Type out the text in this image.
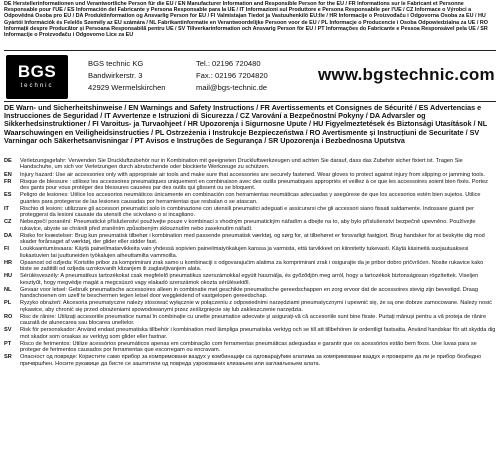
DE Herstellerinformationen und Verantwortliche Person für die EU / EN Manufacturer Information and Responsible Person for the EU / FR Informations sur le Fabricant et Personne Responsable pour l'UE / ES Información del Fabricante y Persona Responsable para la UE / IT Informazioni sul Produttore e Persona Responsabile per l'UE / CZ Informace o Výrobci a Odpovědná Osoba pro EU / DA Produktinformation og Ansvarlig Person for EU / FI Valmistajan Tiedot ja Vastuuhenkilö EU:lle / HR Informacije o Proizvođaču i Odgovorna Osoba za EU / HU Gyártói Információk és Felelős Személy az EU számára / NL Fabrikantinformatie en Verantwoordelijke Persoon voor de EU / PL Informacje o Producencie i Osoba Odpowiedzialna za UE / RO Informații despre Producător și Persoana Responsabilă pentru UE / SV Tillverkarinformation och Ansvarig Person för EU / PT Informações do Fabricante e Pessoa Responsável pela UE / SR Informacije o Proizvođaču i Odgovorno Lice za EU
BGS
technic
BGS technic KG
Bandwirkerstr. 3
42929 Wermelskirchen
Tel.: 02196 720480
Fax.: 02196 7204820
mail@bgs-technic.de
www.bgstechnic.com
DE Warn- und Sicherheitshinweise / EN Warnings and Safety Instructions / FR Avertissements et Consignes de Sécurité / ES Advertencias e Instrucciones de Seguridad / IT Avvertenze e Istruzioni di Sicurezza / CZ Varování a Bezpečnostní Pokyny / DA Advarsler og Sikkerhedsinstruktioner / FI Varoitus- ja Turvaohjeet / HR Upozorenja i Sigurnosne Upute / HU Figyelmeztetések és Biztonsági Utasítások / NL Waarschuwingen en Veiligheidsinstructies / PL Ostrzeżenia i Instrukcje Bezpieczeństwa / RO Avertismente și Instrucțiuni de Securitate / SV Varningar och Säkerhetsanvisningar / PT Avisos e Instruções de Segurança / SR Upozorenja i Bezbednosna Uputstva
DE	Verletzungsgefahr: Verwenden Sie Druckluftzubehör nur in Kombination mit geeigneten Druckluftwerkzeugen und achten Sie darauf, dass das Zubehör sicher fixiert ist. Tragen Sie Handschuhe, um sich vor Verletzungen durch abrutschende oder blockierte Werkzeuge zu schützen.
EN	Injury hazard: Use air accessories only with appropriate air tools and make sure that accessories are securely fastened. Wear gloves to protect against injury from slipping or jamming tools.
FR	Risque de blessure : utilisez les accessoires pneumatiques uniquement en combinaison avec des outils pneumatiques appropriés et veillez à ce que les accessoires soient bien fixés. Portez des gants pour vous protéger des blessures causées par des outils qui glissent ou se bloquent.
ES	Peligro de lesiones: Utilice los accesorios neumáticos únicamente en combinación con herramientas neumáticas adecuadas y asegúrese de que los accesorios estén bien sujetos. Utilice guantes para protegerse de las lesiones causadas por herramientas que resbalan o se atascan.
IT	Rischio di lesioni: utilizzare gli accessori pneumatici solo in combinazione con utensili pneumatici adeguati e assicurarsi che gli accessori siano fissati saldamente. Indossare guanti per proteggersi da lesioni causate da utensili che scivolano o si incagliano.
CZ	Nebezpečí poranění: Pneumatické příslušenství používejte pouze v kombinaci s vhodným pneumatickým nářadím a dbejte na to, aby bylo příslušenství bezpečně upevněno. Používejte rukavice, abyste se chránili před zraněním způsobeným sklouznutím nebo zaseknutím nářadí.
DA	Risiko for kvæstelser: Brug kun pneumatisk tilbehør i kombination med passende pneumatisk værktøj, og sørg for, at tilbehøret er forsvarligt fastgjort. Brug handsker for at beskytte dig mod skader forårsaget af værktøj, der glider eller sidder fast.
FI	Loukkaantumisvaara: Käytä paineilmatarvikkeita vain yhdessä sopivien paineilmatyökalujen kanssa ja varmista, että tarvikkeet on kiinnitetty tukevasti. Käytä käsineitä suojautuaksesi liukastuvien tai juuttuneiden työkalujen aiheuttamilta vammoilta.
HR	Opasnost od ozljeda: Koristite pribor za komprimirani zrak samo u kombinaciji s odgovarajućim alatima za komprimirani zrak i osigurajte da je pribor dobro pričvršćen. Nosite rukavice kako biste se zaštitili od ozljeda uzrokovanih klizanjem ili zaglavljivanjem alata.
HU	Sérülésveszély: A pneumatikus tartozékokat csak megfelelő pneumatikus szerszámokkal együtt használja, és győződjön meg arról, hogy a tartozékok biztonságosan rögzítettek. Viseljen kesztyűt, hogy megvédje magát a megcsúszó vagy elakadó szerszámok okozta sérülésektől.
NL	Gevaar voor letsel: Gebruik pneumatische accessoires alleen in combinatie met geschikte pneumatische gereedschappen en zorg ervoor dat de accessoires stevig zijn bevestigd. Draag handschoenen om uzelf te beschermen tegen letsel door weggleidend of vastgelopen gereedschap.
PL	Ryzyko obrażeń: Akcesoria pneumatyczne należy stosować wyłącznie w połączeniu z odpowiednimi narzędziami pneumatycznymi i upewnić się, że są one dobrze zamocowane. Należy nosić rękawice, aby chronić się przed obrażeniami spowodowanymi przez ześlizgnięcie się lub zakleszczenie narzędzia.
RO	Risc de rănire: Utilizați accesoriile pneumatice numai în combinație cu unelte pneumatice adecvate și asigurați-vă că accesoriile sunt bine fixate. Purtați mănuși pentru a vă proteja de rănire cauzată de alunecarea sau blocarea uneltelor.
SV	Risk för personskador: Använd endast pneumatiska tillbehör i kombination med lämpliga pneumatiska verktyg och se till att tillbehören är ordentligt fastsatta. Använd handskar för att skydda dig mot skador som orsakas av verktyg som glider eller fastnar.
PT	Risco de ferimentos: Utilize acessórios pneumáticos apenas em combinação com ferramentas pneumáticas adequadas e garantir que os acessórios estão bem fixos. Use luvas para se proteger de ferimentos causados por ferramentas que escorregam ou encravam.
SR	Опасност од повреде: Користите само прибор за компримовани ваздух у комбинацији са одговарајућим алатима за компримовани ваздух и проверите да ли је прибор безбедно причвршћен. Носите рукавице да бисте се заштитили од повреда узрокованих клизањем или заглављењем алата.
